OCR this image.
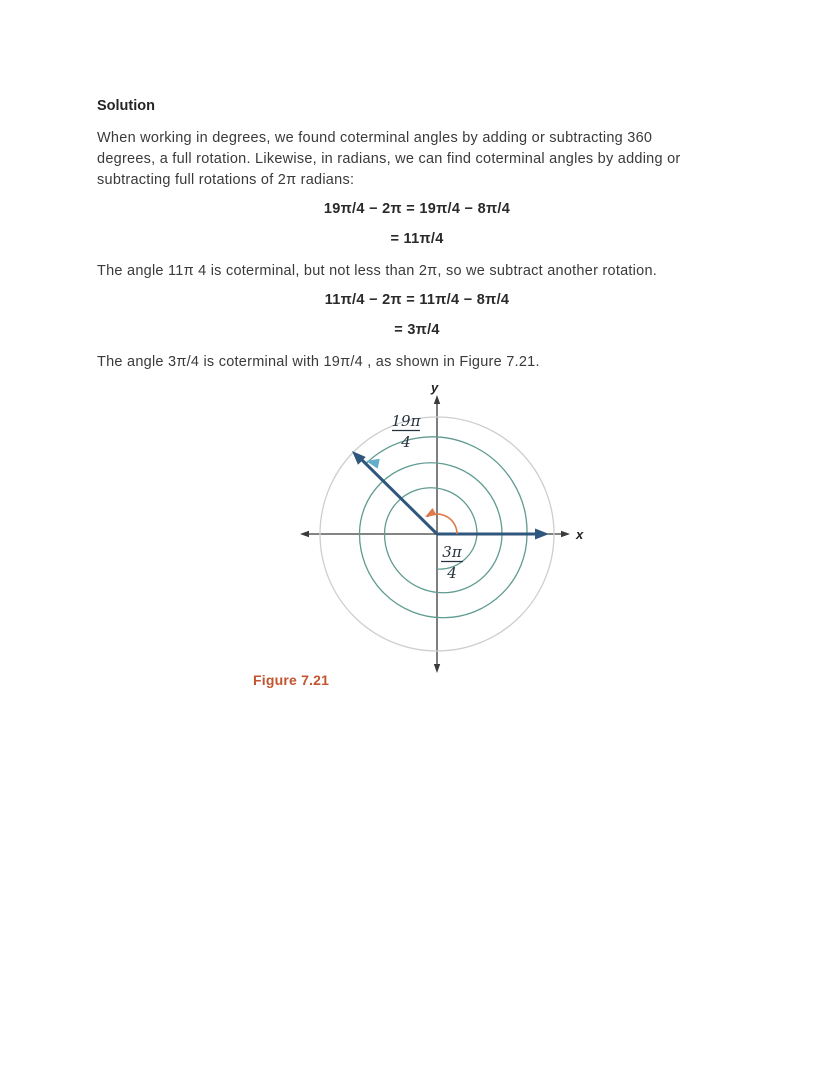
Solution
When working in degrees, we found coterminal angles by adding or subtracting 360
degrees, a full rotation. Likewise, in radians, we can find coterminal angles by adding or
subtracting full rotations of 2π radians:
19π/4 − 2π = 19π/4 − 8π/4
= 11π/4
The angle 11π 4 is coterminal, but not less than 2π, so we subtract another rotation.
11π/4 − 2π = 11π/4 − 8π/4
= 3π/4
The angle 3π/4 is coterminal with 19π/4 , as shown in Figure 7.21.
x
y
19π
4
3π
4
Figure 7.21
